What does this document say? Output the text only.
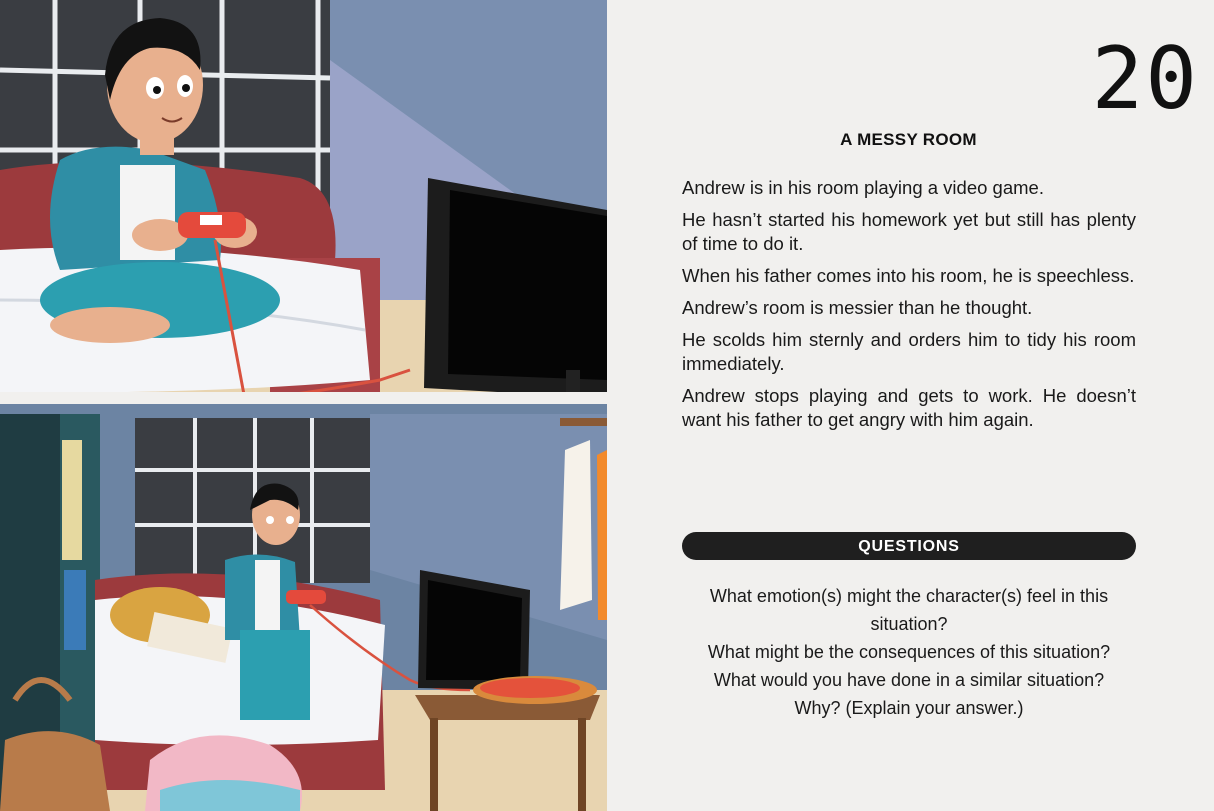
20
A MESSY ROOM

Andrew is in his room playing a video game.

He hasn’t started his homework yet but still has plenty of time to do it.

When his father comes into his room, he is speechless.

Andrew’s room is messier than he thought.

He scolds him sternly and orders him to tidy his room immediately.

Andrew stops playing and gets to work. He doesn’t want his father to get angry with him again.

QUESTIONS
What emotion(s) might the character(s) feel in this situation?
What might be the consequences of this situation?
What would you have done in a similar situation?
Why? (Explain your answer.)
